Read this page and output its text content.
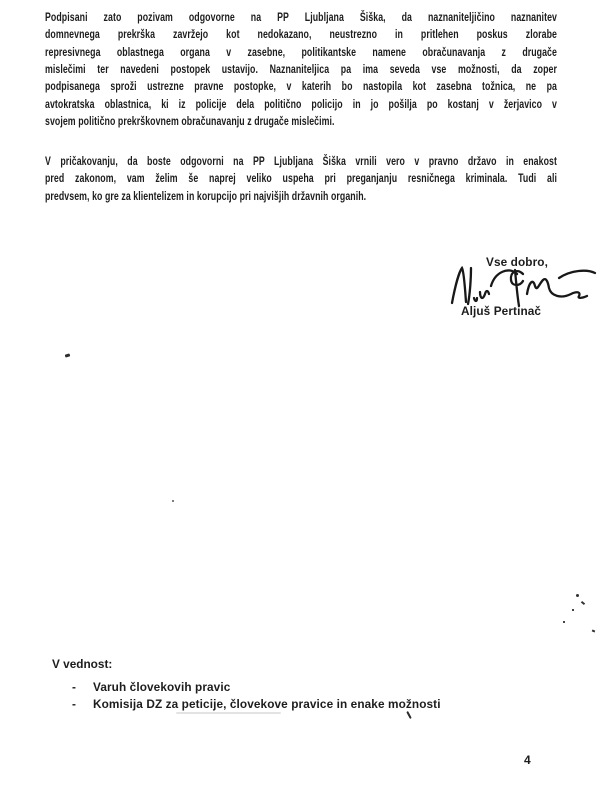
Podpisani zato pozivam odgovorne na PP Ljubljana Šiška, da naznaniteljičino naznanitev
domnevnega prekrška zavržejo kot nedokazano, neustrezno in pritlehen poskus zlorabe
represivnega oblastnega organa v zasebne, politikantske namene obračunavanja z drugače
mislečimi ter navedeni postopek ustavijo. Naznaniteljica pa ima seveda vse možnosti, da zoper
podpisanega sproži ustrezne pravne postopke, v katerih bo nastopila kot zasebna tožnica, ne pa
avtokratska oblastnica, ki iz policije dela politično policijo in jo pošilja po kostanj v žerjavico v
svojem politično prekrškovnem obračunavanju z drugače mislečimi.
V pričakovanju, da boste odgovorni na PP Ljubljana Šiška vrnili vero v pravno državo in enakost
pred zakonom, vam želim še naprej veliko uspeha pri preganjanju resničnega kriminala. Tudi ali
predvsem, ko gre za klientelizem in korupcijo pri najvišjih državnih organih.
Vse dobro,
Aljuš Pertinač
V vednost:
-	Varuh človekovih pravic
-	Komisija DZ za peticije, človekove pravice in enake možnosti
4
